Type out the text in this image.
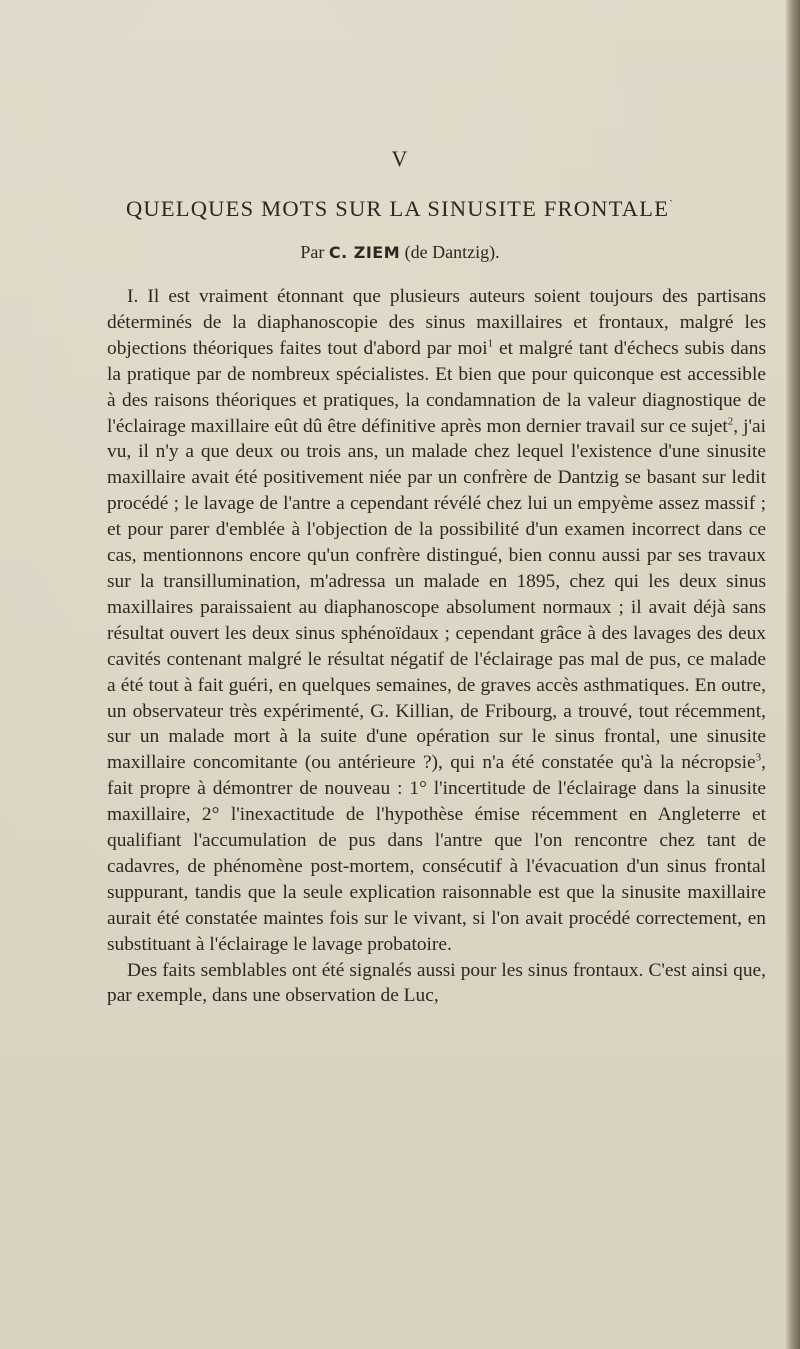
V
QUELQUES MOTS SUR LA SINUSITE FRONTALE`
Par C. ZIEM (de Dantzig).

I. Il est vraiment étonnant que plusieurs auteurs soient toujours des partisans déterminés de la diaphanoscopie des sinus maxillaires et frontaux, malgré les objections théoriques faites tout d'abord par moi$^1$ et malgré tant d'échecs subis dans la pratique par de nombreux spécialistes. Et bien que pour quiconque est accessible à des raisons théoriques et pratiques, la condamnation de la valeur diagnostique de l'éclairage maxillaire eût dû être définitive après mon dernier travail sur ce sujet$^2$, j'ai vu, il n'y a que deux ou trois ans, un malade chez lequel l'existence d'une sinusite maxillaire avait été positivement niée par un confrère de Dantzig se basant sur ledit procédé ; le lavage de l'antre a cependant révélé chez lui un empyème assez massif ; et pour parer d'emblée à l'objection de la possibilité d'un examen incorrect dans ce cas, mentionnons encore qu'un confrère distingué, bien connu aussi par ses travaux sur la transillumination, m'adressa un malade en 1895, chez qui les deux sinus maxillaires paraissaient au diaphanoscope absolument normaux ; il avait déjà sans résultat ouvert les deux sinus sphénoïdaux ; cependant grâce à des lavages des deux cavités contenant malgré le résultat négatif de l'éclairage pas mal de pus, ce malade a été tout à fait guéri, en quelques semaines, de graves accès asthmatiques. En outre, un observateur très expérimenté, G. Killian, de Fribourg, a trouvé, tout récemment, sur un malade mort à la suite d'une opération sur le sinus frontal, une sinusite maxillaire concomitante (ou antérieure ?), qui n'a été constatée qu'à la nécropsie$^3$, fait propre à démontrer de nouveau : 1° l'incertitude de l'éclairage dans la sinusite maxillaire, 2° l'inexactitude de l'hypothèse émise récemment en Angleterre et qualifiant l'accumulation de pus dans l'antre que l'on rencontre chez tant de cadavres, de phénomène post-mortem, consécutif à l'évacuation d'un sinus frontal suppurant, tandis que la seule explication raisonnable est que la sinusite maxillaire aurait été constatée maintes fois sur le vivant, si l'on avait procédé correctement, en substituant à l'éclairage le lavage probatoire.

Des faits semblables ont été signalés aussi pour les sinus frontaux. C'est ainsi que, par exemple, dans une observation de Luc,
